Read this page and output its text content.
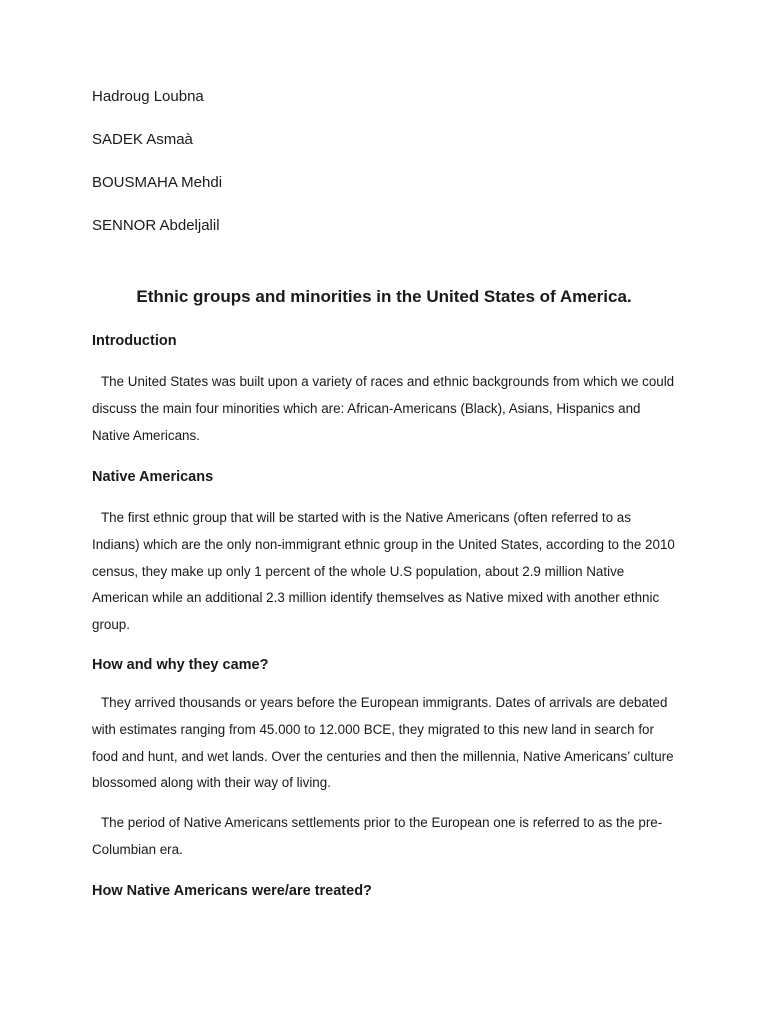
Hadroug Loubna

SADEK Asmaà

BOUSMAHA Mehdi

SENNOR Abdeljalil

Ethnic groups and minorities in the United States of America.
Introduction

The United States was built upon a variety of races and ethnic backgrounds from which we could discuss the main four minorities which are: African-Americans (Black), Asians, Hispanics and Native Americans.

Native Americans

The first ethnic group that will be started with is the Native Americans (often referred to as Indians) which are the only non-immigrant ethnic group in the United States, according to the 2010 census, they make up only 1 percent of the whole U.S population, about 2.9 million Native American while an additional 2.3 million identify themselves as Native mixed with another ethnic group.

How and why they came?

They arrived thousands or years before the European immigrants. Dates of arrivals are debated with estimates ranging from 45.000 to 12.000 BCE, they migrated to this new land in search for food and hunt, and wet lands. Over the centuries and then the millennia, Native Americans’ culture blossomed along with their way of living.

The period of Native Americans settlements prior to the European one is referred to as the pre-Columbian era.

How Native Americans were/are treated?
